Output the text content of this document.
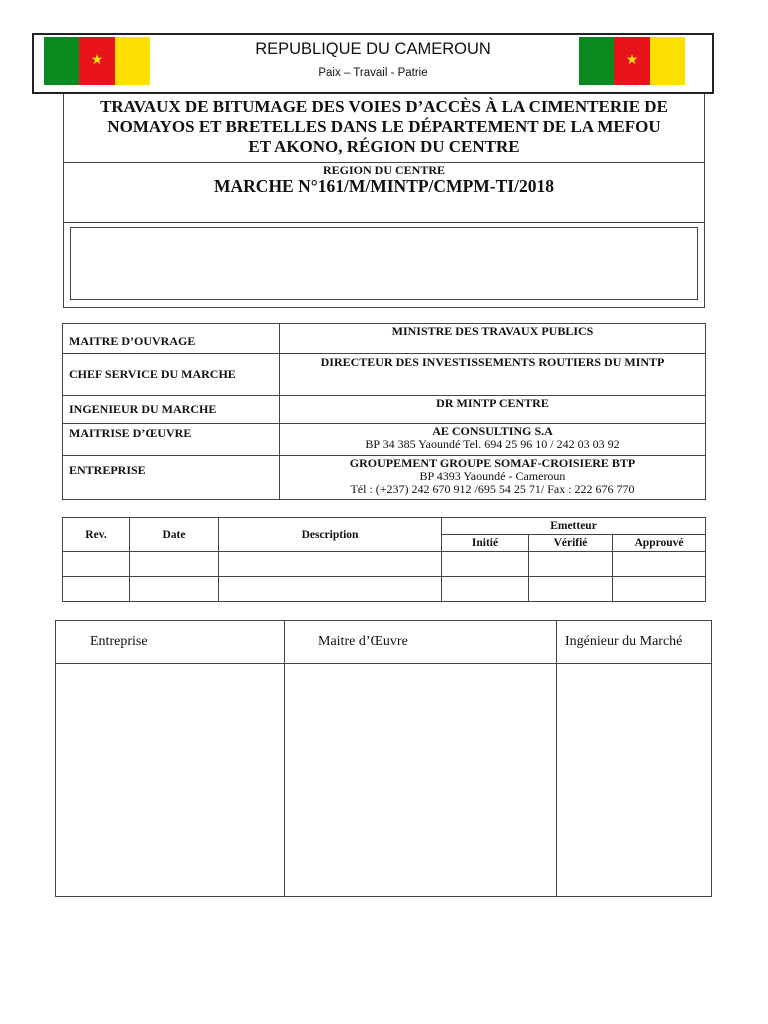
★
REPUBLIQUE DU CAMEROUN
Paix – Travail - Patrie
★
TRAVAUX DE BITUMAGE DES VOIES D’ACCÈS À LA CIMENTERIE DE
NOMAYOS ET BRETELLES DANS LE DÉPARTEMENT DE LA MEFOU
ET AKONO, RÉGION DU CENTRE
REGION DU CENTRE
MARCHE N°161/M/MINTP/CMPM-TI/2018
MAITRE D’OUVRAGE	MINISTRE DES TRAVAUX PUBLICS
CHEF SERVICE DU MARCHE	DIRECTEUR DES INVESTISSEMENTS ROUTIERS DU MINTP
INGENIEUR DU MARCHE	DR MINTP CENTRE
MAITRISE D’ŒUVRE	AE CONSULTING S.A
BP 34 385 Yaoundé Tel. 694 25 96 10 / 242 03 03 92

ENTREPRISE	GROUPEMENT GROUPE SOMAF-CROISIERE BTP
BP 4393 Yaoundé - Cameroun
Tél : (+237) 242 670 912 /695 54 25 71/ Fax : 222 676 770
Rev.	Date	Description	Emetteur		
			Initié	Vérifié	Approuvé

Entreprise	Maitre d’Œuvre	Ingénieur du Marché
